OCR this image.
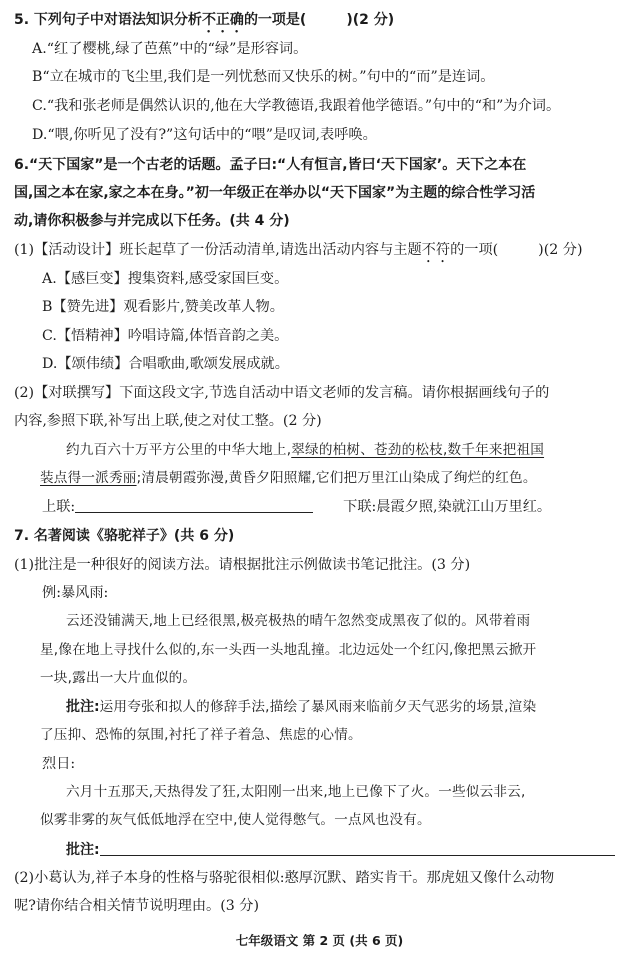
5. 下列句子中对语法知识分析不正确的一项是(	)(2 分)
A.“红了樱桃,绿了芭蕉”中的“绿”是形容词。
B“立在城市的飞尘里,我们是一列忧愁而又快乐的树。”句中的“而”是连词。
C.“我和张老师是偶然认识的,他在大学教德语,我跟着他学德语。”句中的“和”为介词。
D.“喂,你听见了没有?”这句话中的“喂”是叹词,表呼唤。
6.“天下国家”是一个古老的话题。孟子曰:“人有恒言,皆曰‘天下国家’。天下之本在
国,国之本在家,家之本在身。”初一年级正在举办以“天下国家”为主题的综合性学习活
动,请你积极参与并完成以下任务。(共 4 分)
(1)【活动设计】班长起草了一份活动清单,请选出活动内容与主题不符的一项(	)(2 分)
A.【感巨变】搜集资料,感受家国巨变。
B【赞先进】观看影片,赞美改革人物。
C.【悟精神】吟唱诗篇,体悟音韵之美。
D.【颂伟绩】合唱歌曲,歌颂发展成就。
(2)【对联撰写】下面这段文字,节选自活动中语文老师的发言稿。请你根据画线句子的
内容,参照下联,补写出上联,使之对仗工整。(2 分)
约九百六十万平方公里的中华大地上,翠绿的柏树、苍劲的松枝,数千年来把祖国
装点得一派秀丽;清晨朝霞弥漫,黄昏夕阳照耀,它们把万里江山染成了绚烂的红色。
上联:	下联:晨霞夕照,染就江山万里红。
7. 名著阅读《骆驼祥子》(共 6 分)
(1)批注是一种很好的阅读方法。请根据批注示例做读书笔记批注。(3 分)
例:暴风雨:
云还没铺满天,地上已经很黑,极亮极热的晴午忽然变成黑夜了似的。风带着雨
星,像在地上寻找什么似的,东一头西一头地乱撞。北边远处一个红闪,像把黑云掀开
一块,露出一大片血似的。
批注:运用夸张和拟人的修辞手法,描绘了暴风雨来临前夕天气恶劣的场景,渲染
了压抑、恐怖的氛围,衬托了祥子着急、焦虑的心情。
烈日:
六月十五那天,天热得发了狂,太阳刚一出来,地上已像下了火。一些似云非云,
似雾非雾的灰气低低地浮在空中,使人觉得憋气。一点风也没有。
批注:
(2)小葛认为,祥子本身的性格与骆驼很相似:憨厚沉默、踏实肯干。那虎妞又像什么动物
呢?请你结合相关情节说明理由。(3 分)
七年级语文 第 2 页 (共 6 页)
